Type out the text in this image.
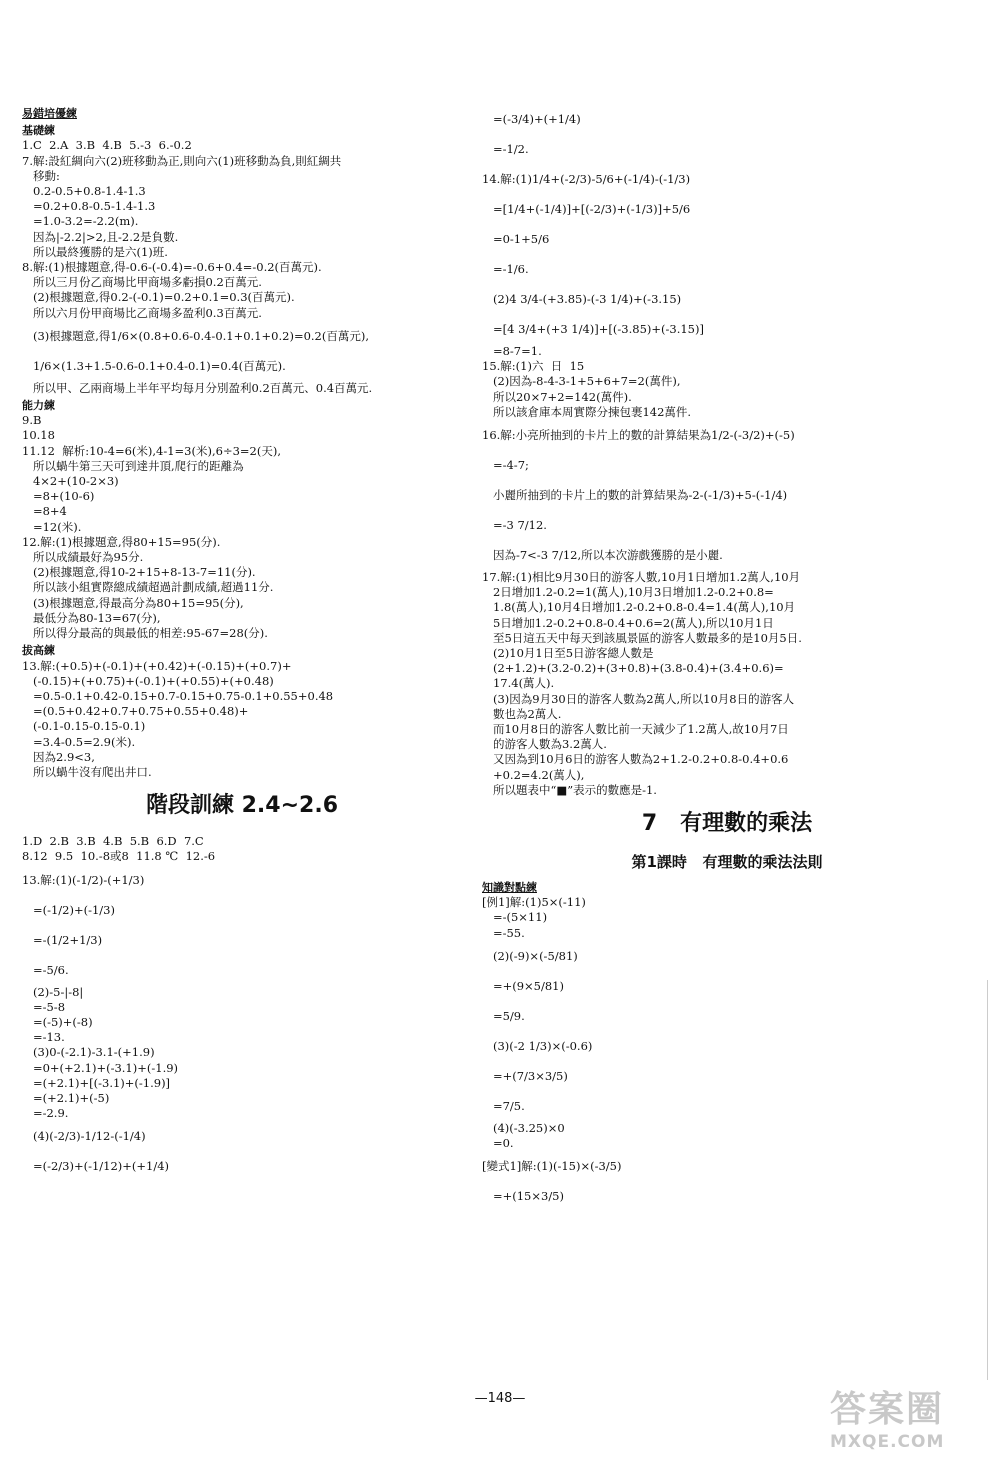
易錯培優練

基礎練

1.C  2.A  3.B  4.B  5.-3  6.-0.2

7.解:設紅綢向六(2)班移動為正,則向六(1)班移動為負,則紅綢共

移動:

0.2-0.5+0.8-1.4-1.3

=0.2+0.8-0.5-1.4-1.3

=1.0-3.2=-2.2(m).

因為|-2.2|>2,且-2.2是負數.

所以最終獲勝的是六(1)班.

8.解:(1)根據題意,得-0.6-(-0.4)=-0.6+0.4=-0.2(百萬元).

所以三月份乙商場比甲商場多虧損0.2百萬元.

(2)根據題意,得0.2-(-0.1)=0.2+0.1=0.3(百萬元).

所以六月份甲商場比乙商場多盈利0.3百萬元.

(3)根據題意,得1/6×(0.8+0.6-0.4-0.1+0.1+0.2)=0.2(百萬元),

1/6×(1.3+1.5-0.6-0.1+0.4-0.1)=0.4(百萬元).

所以甲、乙兩商場上半年平均每月分別盈利0.2百萬元、0.4百萬元.

能力練

9.B

10.18

11.12  解析:10-4=6(米),4-1=3(米),6÷3=2(天),

所以蝸牛第三天可到達井頂,爬行的距離為

4×2+(10-2×3)

=8+(10-6)

=8+4

=12(米).

12.解:(1)根據題意,得80+15=95(分).

所以成績最好為95分.

(2)根據題意,得10-2+15+8-13-7=11(分).

所以該小組實際總成績超過計劃成績,超過11分.

(3)根據題意,得最高分為80+15=95(分),

最低分為80-13=67(分),

所以得分最高的與最低的相差:95-67=28(分).

拔高練

13.解:(+0.5)+(-0.1)+(+0.42)+(-0.15)+(+0.7)+

(-0.15)+(+0.75)+(-0.1)+(+0.55)+(+0.48)

=0.5-0.1+0.42-0.15+0.7-0.15+0.75-0.1+0.55+0.48

=(0.5+0.42+0.7+0.75+0.55+0.48)+

(-0.1-0.15-0.15-0.1)

=3.4-0.5=2.9(米).

因為2.9<3,

所以蝸牛沒有爬出井口.

階段訓練 2.4~2.6

1.D  2.B  3.B  4.B  5.B  6.D  7.C

8.12  9.5  10.-8或8  11.8 ℃  12.-6

13.解:(1)(-1/2)-(+1/3)

=(-1/2)+(-1/3)

=-(1/2+1/3)

=-5/6.

(2)-5-|-8|

=-5-8

=(-5)+(-8)

=-13.

(3)0-(-2.1)-3.1-(+1.9)

=0+(+2.1)+(-3.1)+(-1.9)

=(+2.1)+[(-3.1)+(-1.9)]

=(+2.1)+(-5)

=-2.9.

(4)(-2/3)-1/12-(-1/4)

=(-2/3)+(-1/12)+(+1/4)

=(-3/4)+(+1/4)

=-1/2.

14.解:(1)1/4+(-2/3)-5/6+(-1/4)-(-1/3)

=[1/4+(-1/4)]+[(-2/3)+(-1/3)]+5/6

=0-1+5/6

=-1/6.

(2)4 3/4-(+3.85)-(-3 1/4)+(-3.15)

=[4 3/4+(+3 1/4)]+[(-3.85)+(-3.15)]

=8-7=1.

15.解:(1)六  日  15

(2)因為-8-4-3-1+5+6+7=2(萬件),

所以20×7+2=142(萬件).

所以該倉庫本周實際分揀包裹142萬件.

16.解:小亮所抽到的卡片上的數的計算結果為1/2-(-3/2)+(-5)

=-4-7;

小麗所抽到的卡片上的數的計算結果為-2-(-1/3)+5-(-1/4)

=-3 7/12.

因為-7<-3 7/12,所以本次游戲獲勝的是小麗.

17.解:(1)相比9月30日的游客人數,10月1日增加1.2萬人,10月

2日增加1.2-0.2=1(萬人),10月3日增加1.2-0.2+0.8=

1.8(萬人),10月4日增加1.2-0.2+0.8-0.4=1.4(萬人),10月

5日增加1.2-0.2+0.8-0.4+0.6=2(萬人),所以10月1日

至5日這五天中每天到該風景區的游客人數最多的是10月5日.

(2)10月1日至5日游客總人數是

(2+1.2)+(3.2-0.2)+(3+0.8)+(3.8-0.4)+(3.4+0.6)=

17.4(萬人).

(3)因為9月30日的游客人數為2萬人,所以10月8日的游客人

數也為2萬人.

而10月8日的游客人數比前一天減少了1.2萬人,故10月7日

的游客人數為3.2萬人.

又因為到10月6日的游客人數為2+1.2-0.2+0.8-0.4+0.6

+0.2=4.2(萬人),

所以題表中“■”表示的數應是-1.

7   有理數的乘法

第1課時   有理數的乘法法則

知識對點練

[例1]解:(1)5×(-11)

=-(5×11)

=-55.

(2)(-9)×(-5/81)

=+(9×5/81)

=5/9.

(3)(-2 1/3)×(-0.6)

=+(7/3×3/5)

=7/5.

(4)(-3.25)×0

=0.

[變式1]解:(1)(-15)×(-3/5)

=+(15×3/5)

—148—	答案圈
MXQE.COM
